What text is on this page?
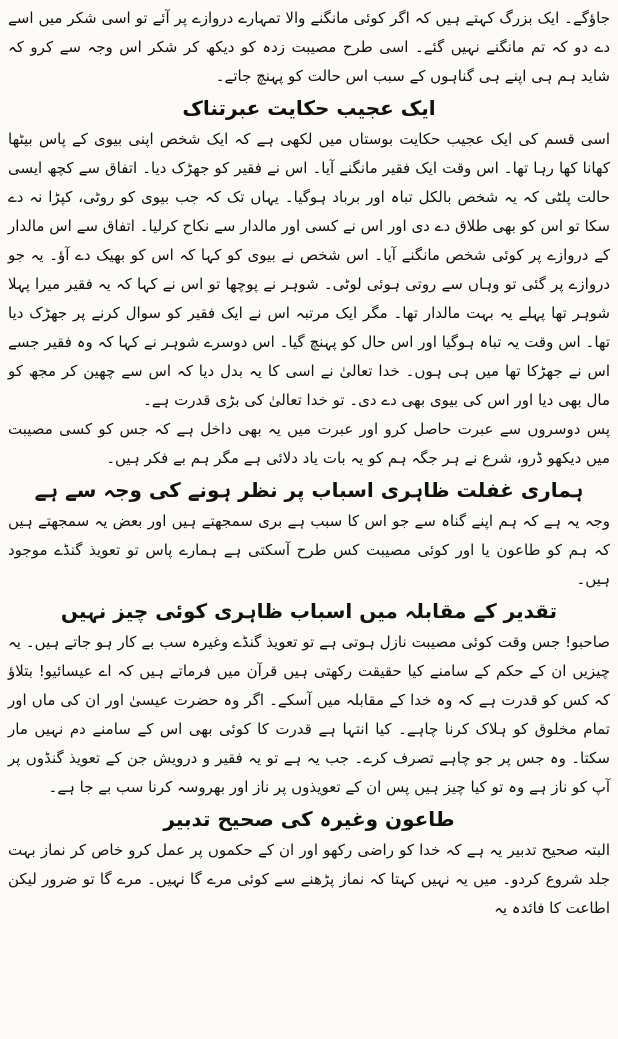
جاؤگے۔ ایک بزرگ کہتے ہیں کہ اگر کوئی مانگنے والا تمہارے دروازے پر آئے تو اسی شکر میں اسے دے دو کہ تم مانگنے نہیں گئے۔ اسی طرح مصیبت زدہ کو دیکھ کر شکر اس وجہ سے کرو کہ شاید ہم ہی اپنے ہی گناہوں کے سبب اس حالت کو پہنچ جاتے۔

ایک عجیب حکایت عبرتناک

اسی قسم کی ایک عجیب حکایت بوستاں میں لکھی ہے کہ ایک شخص اپنی بیوی کے پاس بیٹھا کھانا کھا رہا تھا۔ اس وقت ایک فقیر مانگنے آیا۔ اس نے فقیر کو جھڑک دیا۔ اتفاق سے کچھ ایسی حالت پلٹی کہ یہ شخص بالکل تباہ اور برباد ہوگیا۔ یہاں تک کہ جب بیوی کو روٹی، کپڑا نہ دے سکا تو اس کو بھی طلاق دے دی اور اس نے کسی اور مالدار سے نکاح کرلیا۔ اتفاق سے اس مالدار کے دروازے پر کوئی شخص مانگنے آیا۔ اس شخص نے بیوی کو کہا کہ اس کو بھیک دے آؤ۔ یہ جو دروازے پر گئی تو وہاں سے روتی ہوئی لوٹی۔ شوہر نے پوچھا تو اس نے کہا کہ یہ فقیر میرا پہلا شوہر تھا پہلے یہ بہت مالدار تھا۔ مگر ایک مرتبہ اس نے ایک فقیر کو سوال کرنے پر جھڑک دیا تھا۔ اس وقت یہ تباہ ہوگیا اور اس حال کو پہنچ گیا۔ اس دوسرے شوہر نے کہا کہ وہ فقیر جسے اس نے جھڑکا تھا میں ہی ہوں۔ خدا تعالیٰ نے اسی کا یہ بدل دیا کہ اس سے چھین کر مجھ کو مال بھی دیا اور اس کی بیوی بھی دے دی۔ تو خدا تعالیٰ کی بڑی قدرت ہے۔

پس دوسروں سے عبرت حاصل کرو اور عبرت میں یہ بھی داخل ہے کہ جس کو کسی مصیبت میں دیکھو ڈرو، شرع نے ہر جگہ ہم کو یہ بات یاد دلائی ہے مگر ہم بے فکر ہیں۔

ہماری غفلت ظاہری اسباب پر نظر ہونے کی وجہ سے ہے

وجہ یہ ہے کہ ہم اپنے گناہ سے جو اس کا سبب ہے بری سمجھتے ہیں اور بعض یہ سمجھتے ہیں کہ ہم کو طاعون یا اور کوئی مصیبت کس طرح آسکتی ہے ہمارے پاس تو تعویذ گنڈے موجود ہیں۔

تقدیر کے مقابلہ میں اسباب ظاہری کوئی چیز نہیں

صاحبو! جس وقت کوئی مصیبت نازل ہوتی ہے تو تعویذ گنڈے وغیرہ سب بے کار ہو جاتے ہیں۔ یہ چیزیں ان کے حکم کے سامنے کیا حقیقت رکھتی ہیں قرآن میں فرماتے ہیں کہ اے عیسائیو! بتلاؤ کہ کس کو قدرت ہے کہ وہ خدا کے مقابلہ میں آسکے۔ اگر وہ حضرت عیسیٰ اور ان کی ماں اور تمام مخلوق کو ہلاک کرنا چاہے۔ کیا انتہا ہے قدرت کا کوئی بھی اس کے سامنے دم نہیں مار سکتا۔ وہ جس پر جو چاہے تصرف کرے۔ جب یہ ہے تو یہ فقیر و درویش جن کے تعویذ گنڈوں پر آپ کو ناز ہے وہ تو کیا چیز ہیں پس ان کے تعویذوں پر ناز اور بھروسہ کرنا سب بے جا ہے۔

طاعون وغیرہ کی صحیح تدبیر

البتہ صحیح تدبیر یہ ہے کہ خدا کو راضی رکھو اور ان کے حکموں پر عمل کرو خاص کر نماز بہت جلد شروع کردو۔ میں یہ نہیں کہتا کہ نماز پڑھنے سے کوئی مرے گا نہیں۔ مرے گا تو ضرور لیکن اطاعت کا فائدہ یہ
